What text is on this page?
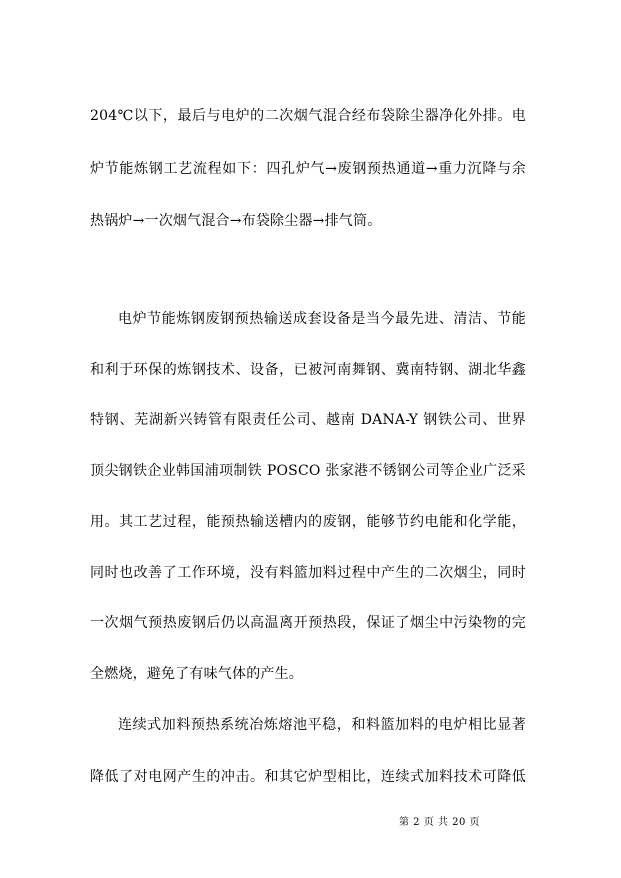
204℃以下，最后与电炉的二次烟气混合经布袋除尘器净化外排。电
炉节能炼钢工艺流程如下：四孔炉气→废钢预热通道→重力沉降与余
热锅炉→一次烟气混合→布袋除尘器→排气筒。
电炉节能炼钢废钢预热输送成套设备是当今最先进、清洁、节能
和利于环保的炼钢技术、设备，已被河南舞钢、冀南特钢、湖北华鑫
特钢、芜湖新兴铸管有限责任公司、越南 DANA-Y 钢铁公司、世界
顶尖钢铁企业韩国浦项制铁 POSCO 张家港不锈钢公司等企业广泛采
用。其工艺过程，能预热输送槽内的废钢，能够节约电能和化学能，
同时也改善了工作环境，没有料篮加料过程中产生的二次烟尘，同时
一次烟气预热废钢后仍以高温离开预热段，保证了烟尘中污染物的完
全燃烧，避免了有味气体的产生。
连续式加料预热系统冶炼熔池平稳，和料篮加料的电炉相比显著
降低了对电网产生的冲击。和其它炉型相比，连续式加料技术可降低
第 2 页 共 20 页
